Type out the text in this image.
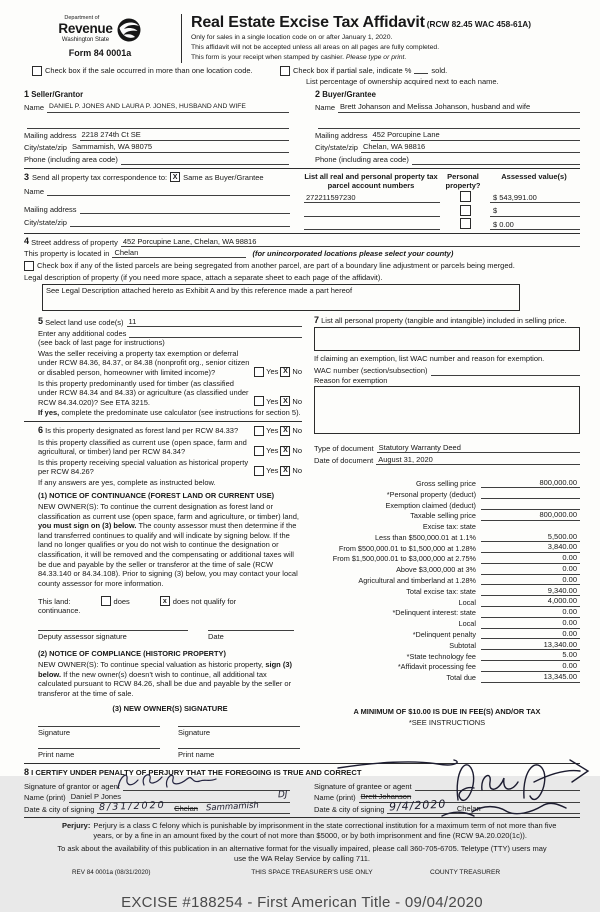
Department of
Revenue
Washington State
Form 84 0001a
Real Estate Excise Tax Affidavit (RCW 82.45 WAC 458-61A)
Only for sales in a single location code on or after January 1, 2020.
This affidavit will not be accepted unless all areas on all pages are fully completed.
This form is your receipt when stamped by cashier. Please type or print.
Check box if the sale occurred in more than one location code.	Check box if partial sale, indicate %	sold.
List percentage of ownership acquired next to each name.
1 Seller/Grantor
Name DANIEL P. JONES AND LAURA P. JONES, HUSBAND AND WIFE
Mailing address 2218 274th Ct SE
City/state/zip Sammamish, WA 98075
Phone (including area code)
2 Buyer/Grantee
Name Brett Johanson and Melissa Johanson, husband and wife
Mailing address 452 Porcupine Lane
City/state/zip Chelan, WA 98816
Phone (including area code)
3 Send all property tax correspondence to: X Same as Buyer/Grantee
Name
Mailing address
City/state/zip
List all real and personal property tax parcel account numbers
Personal property?
Assessed value(s)
272211597230	$ 543,991.00
$
$ 0.00
4
Street address of property 452 Porcupine Lane, Chelan, WA 98816
This property is located in Chelan	(for unincorporated locations please select your county)
Check box if any of the listed parcels are being segregated from another parcel, are part of a boundary line adjustment or parcels being merged.
Legal description of property (if you need more space, attach a separate sheet to each page of the affidavit).
See Legal Description attached hereto as Exhibit A and by this reference made a part hereof
5
Select land use code(s) 11
Enter any additional codes
(see back of last page for instructions)
Was the seller receiving a property tax exemption or deferral under RCW 84.36, 84.37, or 84.38 (nonprofit org., senior citizen or disabled person, homeowner with limited income)?	Yes X No
Is this property predominantly used for timber (as classified under RCW 84.34 and 84.33) or agriculture (as classified under RCW 84.34.020)? See ETA 3215.	Yes X No
If yes, complete the predominate use calculator (see instructions for section 5).
6 Is this property designated as forest land per RCW 84.33?	Yes X No
Is this property classified as current use (open space, farm and agricultural, or timber) land per RCW 84.34?	Yes X No
Is this property receiving special valuation as historical property per RCW 84.26?	Yes X No
If any answers are yes, complete as instructed below.
(1) NOTICE OF CONTINUANCE (FOREST LAND OR CURRENT USE)
NEW OWNER(S): To continue the current designation as forest land or classification as current use (open space, farm and agriculture, or timber) land, you must sign on (3) below. The county assessor must then determine if the land transferred continues to qualify and will indicate by signing below. If the land no longer qualifies or you do not wish to continue the designation or classification, it will be removed and the compensating or additional taxes will be due and payable by the seller or transferor at the time of sale (RCW 84.33.140 or 84.34.108). Prior to signing (3) below, you may contact your local county assessor for more information.
This land:	does	x does not qualify for
continuance.
Deputy assessor signature	Date
(2) NOTICE OF COMPLIANCE (HISTORIC PROPERTY)
NEW OWNER(S): To continue special valuation as historic property, sign (3) below. If the new owner(s) doesn't wish to continue, all additional tax calculated pursuant to RCW 84.26, shall be due and payable by the seller or transferor at the time of sale.
(3) NEW OWNER(S) SIGNATURE
Signature	Signature
Print name	Print name
7 List all personal property (tangible and intangible) included in selling price.
If claiming an exemption, list WAC number and reason for exemption.
WAC number (section/subsection)
Reason for exemption
Type of document Statutory Warranty Deed
Date of document August 31, 2020
Gross selling price	800,000.00
*Personal property (deduct)
Exemption claimed (deduct)
Taxable selling price	800,000.00
Excise tax: state
Less than $500,000.01 at 1.1%	5,500.00
From $500,000.01 to $1,500,000 at 1.28%	3,840.00
From $1,500,000.01 to $3,000,000 at 2.75%	0.00
Above $3,000,000 at 3%	0.00
Agricultural and timberland at 1.28%	0.00
Total excise tax: state	9,340.00
Local	4,000.00
*Delinquent interest: state	0.00
Local	0.00
*Delinquent penalty	0.00
Subtotal	13,340.00
*State technology fee	5.00
*Affidavit processing fee	0.00
Total due	13,345.00
A MINIMUM OF $10.00 IS DUE IN FEE(S) AND/OR TAX
*SEE INSTRUCTIONS
8 I CERTIFY UNDER PENALTY OF PERJURY THAT THE FOREGOING IS TRUE AND CORRECT
Signature of grantor or agent
Name (print) Daniel P Jones	DJ
Date & city of signing 8/31/2020 Chelan Sammamish
Signature of grantee or agent
Name (print) Brett Johanson
Date & city of signing 9/4/2020 Chelan
Perjury: Perjury is a class C felony which is punishable by imprisonment in the state correctional institution for a maximum term of not more than five years, or by a fine in an amount fixed by the court of not more than $5000, or by both imprisonment and fine (RCW 9A.20.020(1c)).
To ask about the availability of this publication in an alternative format for the visually impaired, please call 360-705-6705. Teletype (TTY) users may use the WA Relay Service by calling 711.
REV 84 0001a (08/31/2020)	THIS SPACE TREASURER'S USE ONLY	COUNTY TREASURER
EXCISE #188254 - First American Title - 09/04/2020
